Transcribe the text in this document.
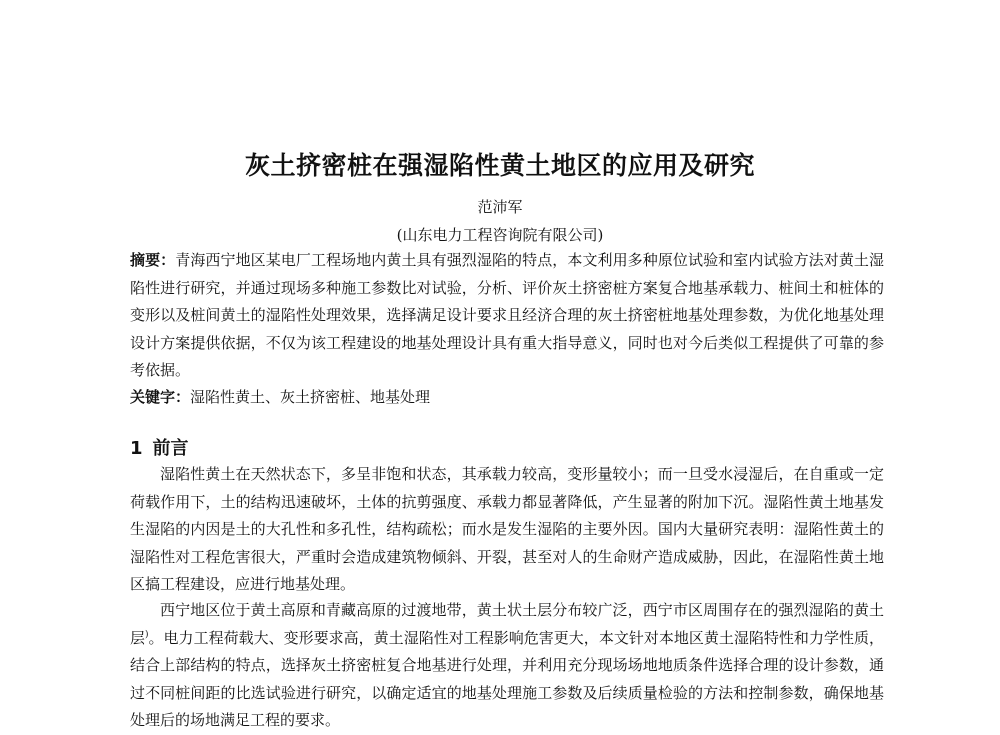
灰土挤密桩在强湿陷性黄土地区的应用及研究
范沛军
(山东电力工程咨询院有限公司)
摘要：青海西宁地区某电厂工程场地内黄土具有强烈湿陷的特点，本文利用多种原位试验和室内试验方法对黄土湿陷性进行研究，并通过现场多种施工参数比对试验，分析、评价灰土挤密桩方案复合地基承载力、桩间土和桩体的变形以及桩间黄土的湿陷性处理效果，选择满足设计要求且经济合理的灰土挤密桩地基处理参数，为优化地基处理设计方案提供依据，不仅为该工程建设的地基处理设计具有重大指导意义，同时也对今后类似工程提供了可靠的参考依据。
关键字：湿陷性黄土、灰土挤密桩、地基处理
1 前言
湿陷性黄土在天然状态下，多呈非饱和状态，其承载力较高，变形量较小；而一旦受水浸湿后，在自重或一定荷载作用下，土的结构迅速破坏，土体的抗剪强度、承载力都显著降低，产生显著的附加下沉。湿陷性黄土地基发生湿陷的内因是土的大孔性和多孔性，结构疏松；而水是发生湿陷的主要外因。国内大量研究表明：湿陷性黄土的湿陷性对工程危害很大，严重时会造成建筑物倾斜、开裂，甚至对人的生命财产造成威胁，因此，在湿陷性黄土地区搞工程建设，应进行地基处理。
西宁地区位于黄土高原和青藏高原的过渡地带，黄土状土层分布较广泛，西宁市区周围存在的强烈湿陷的黄土层)。电力工程荷载大、变形要求高，黄土湿陷性对工程影响危害更大，本文针对本地区黄土湿陷特性和力学性质，结合上部结构的特点，选择灰土挤密桩复合地基进行处理，并利用充分现场场地地质条件选择合理的设计参数，通过不同桩间距的比选试验进行研究，以确定适宜的地基处理施工参数及后续质量检验的方法和控制参数，确保地基处理后的场地满足工程的要求。
